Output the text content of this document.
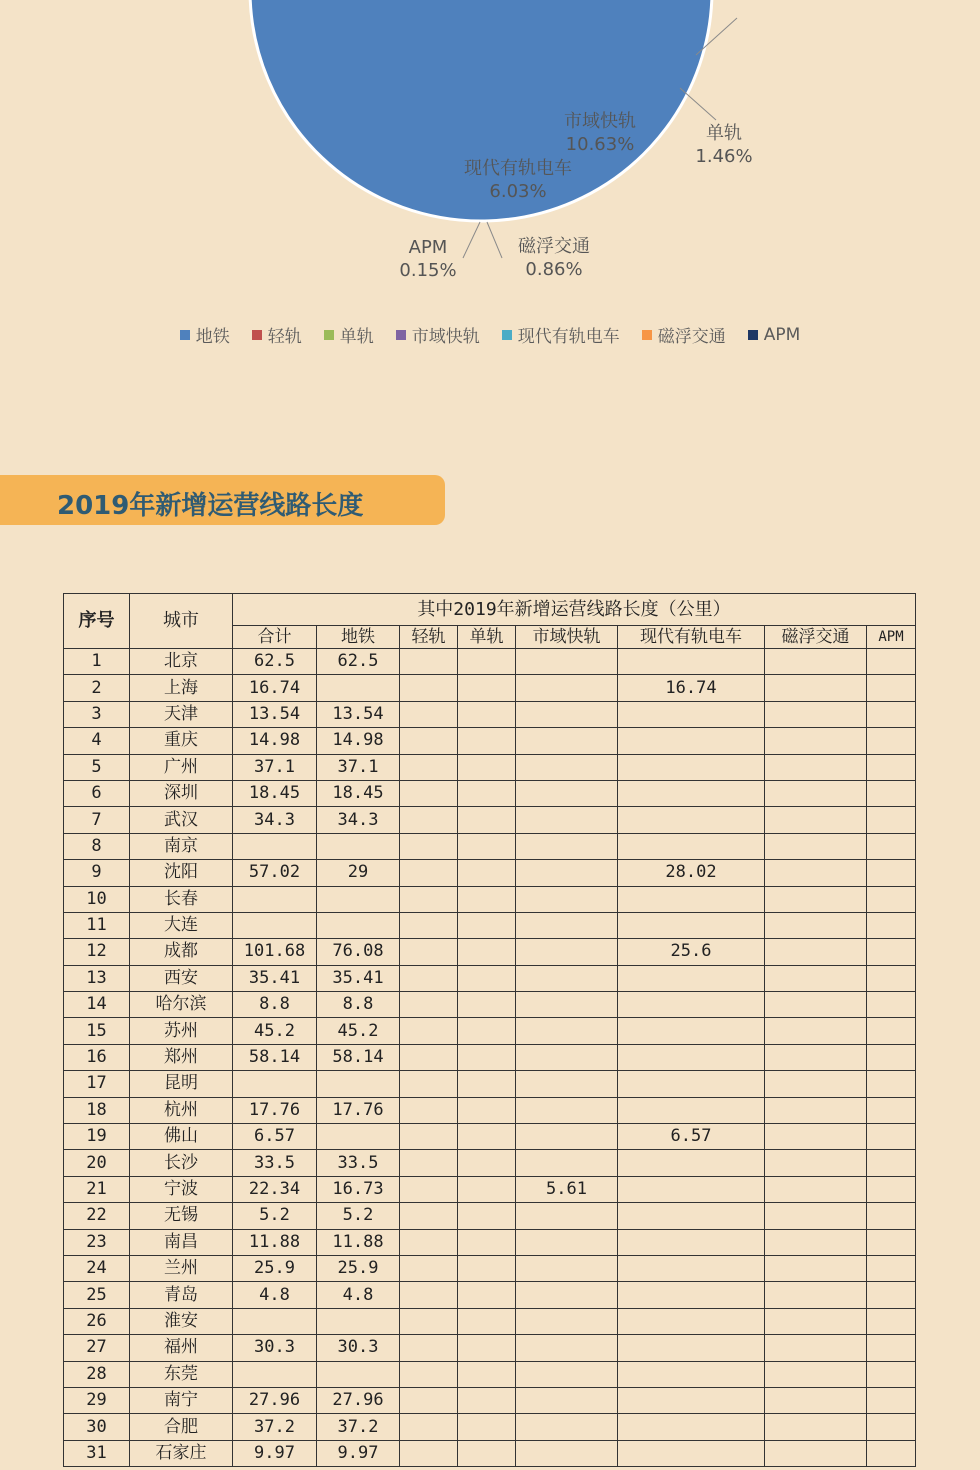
市域快轨
10.63%
单轨
1.46%
现代有轨电车
6.03%
APM
0.15%
磁浮交通
0.86%
地铁 轻轨 单轨 市域快轨 现代有轨电车 磁浮交通 APM
2019年新增运营线路长度
序号	城市	其中2019年新增运营线路长度（公里）							
		合计	地铁	轻轨	单轨	市域快轨	现代有轨电车	磁浮交通	APM
1	北京	62.5	62.5						
2	上海	16.74					16.74		
3	天津	13.54	13.54						
4	重庆	14.98	14.98						
5	广州	37.1	37.1						
6	深圳	18.45	18.45						
7	武汉	34.3	34.3						
8	南京								
9	沈阳	57.02	29				28.02		
10	长春								
11	大连								
12	成都	101.68	76.08				25.6		
13	西安	35.41	35.41						
14	哈尔滨	8.8	8.8						
15	苏州	45.2	45.2						
16	郑州	58.14	58.14						
17	昆明								
18	杭州	17.76	17.76						
19	佛山	6.57					6.57		
20	长沙	33.5	33.5						
21	宁波	22.34	16.73			5.61			
22	无锡	5.2	5.2						
23	南昌	11.88	11.88						
24	兰州	25.9	25.9						
25	青岛	4.8	4.8						
26	淮安								
27	福州	30.3	30.3						
28	东莞								
29	南宁	27.96	27.96						
30	合肥	37.2	37.2						
31	石家庄	9.97	9.97						
